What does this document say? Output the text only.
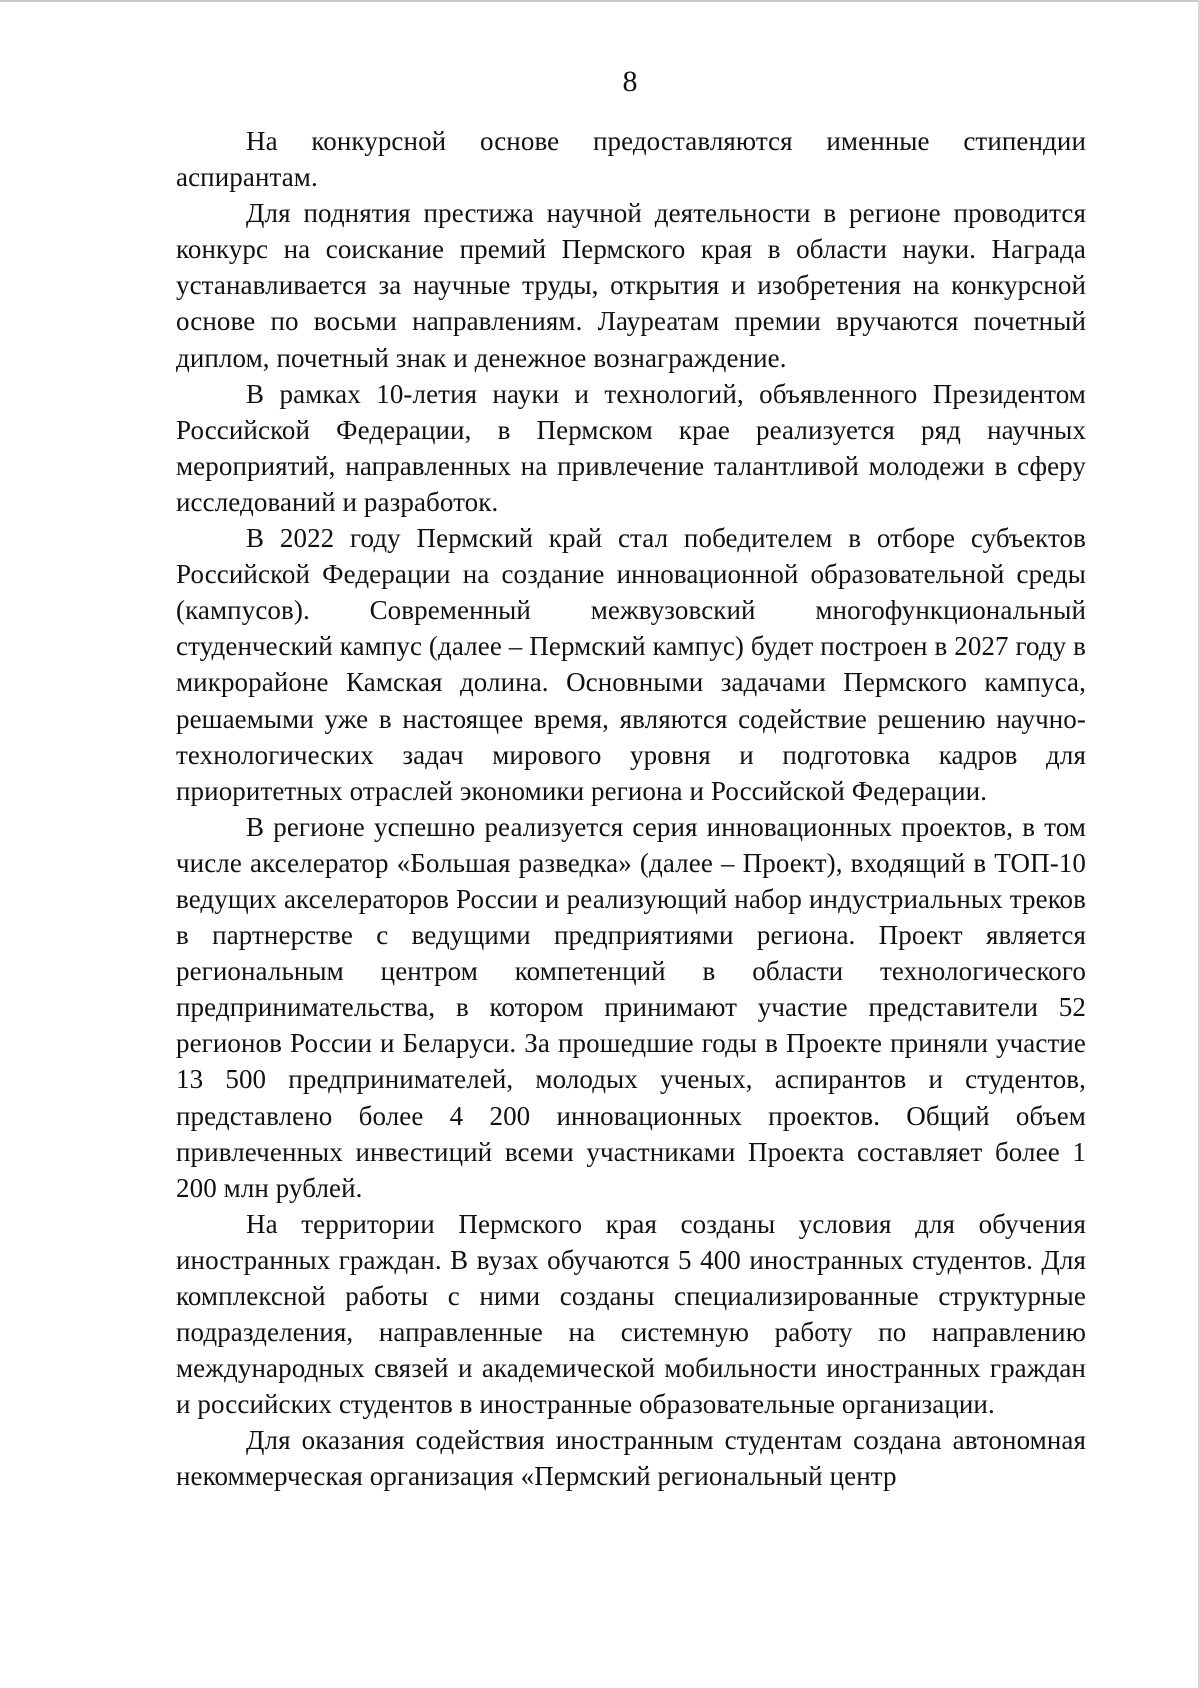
8

На конкурсной основе предоставляются именные стипендии аспирантам.

Для поднятия престижа научной деятельности в регионе проводится конкурс на соискание премий Пермского края в области науки. Награда устанавливается за научные труды, открытия и изобретения на конкурсной основе по восьми направлениям. Лауреатам премии вручаются почетный диплом, почетный знак и денежное вознаграждение.

В рамках 10-летия науки и технологий, объявленного Президентом Российской Федерации, в Пермском крае реализуется ряд научных мероприятий, направленных на привлечение талантливой молодежи в сферу исследований и разработок.

В 2022 году Пермский край стал победителем в отборе субъектов Российской Федерации на создание инновационной образовательной среды (кампусов). Современный межвузовский многофункциональный студенческий кампус (далее – Пермский кампус) будет построен в 2027 году в микрорайоне Камская долина. Основными задачами Пермского кампуса, решаемыми уже в настоящее время, являются содействие решению научно-технологических задач мирового уровня и подготовка кадров для приоритетных отраслей экономики региона и Российской Федерации.

В регионе успешно реализуется серия инновационных проектов, в том числе акселератор «Большая разведка» (далее – Проект), входящий в ТОП-10 ведущих акселераторов России и реализующий набор индустриальных треков в партнерстве с ведущими предприятиями региона. Проект является региональным центром компетенций в области технологического предпринимательства, в котором принимают участие представители 52 регионов России и Беларуси. За прошедшие годы в Проекте приняли участие 13 500 предпринимателей, молодых ученых, аспирантов и студентов, представлено более 4 200 инновационных проектов. Общий объем привлеченных инвестиций всеми участниками Проекта составляет более 1 200 млн рублей.

На территории Пермского края созданы условия для обучения иностранных граждан. В вузах обучаются 5 400 иностранных студентов. Для комплексной работы с ними созданы специализированные структурные подразделения, направленные на системную работу по направлению международных связей и академической мобильности иностранных граждан и российских студентов в иностранные образовательные организации.

Для оказания содействия иностранным студентам создана автономная некоммерческая организация «Пермский региональный центр
